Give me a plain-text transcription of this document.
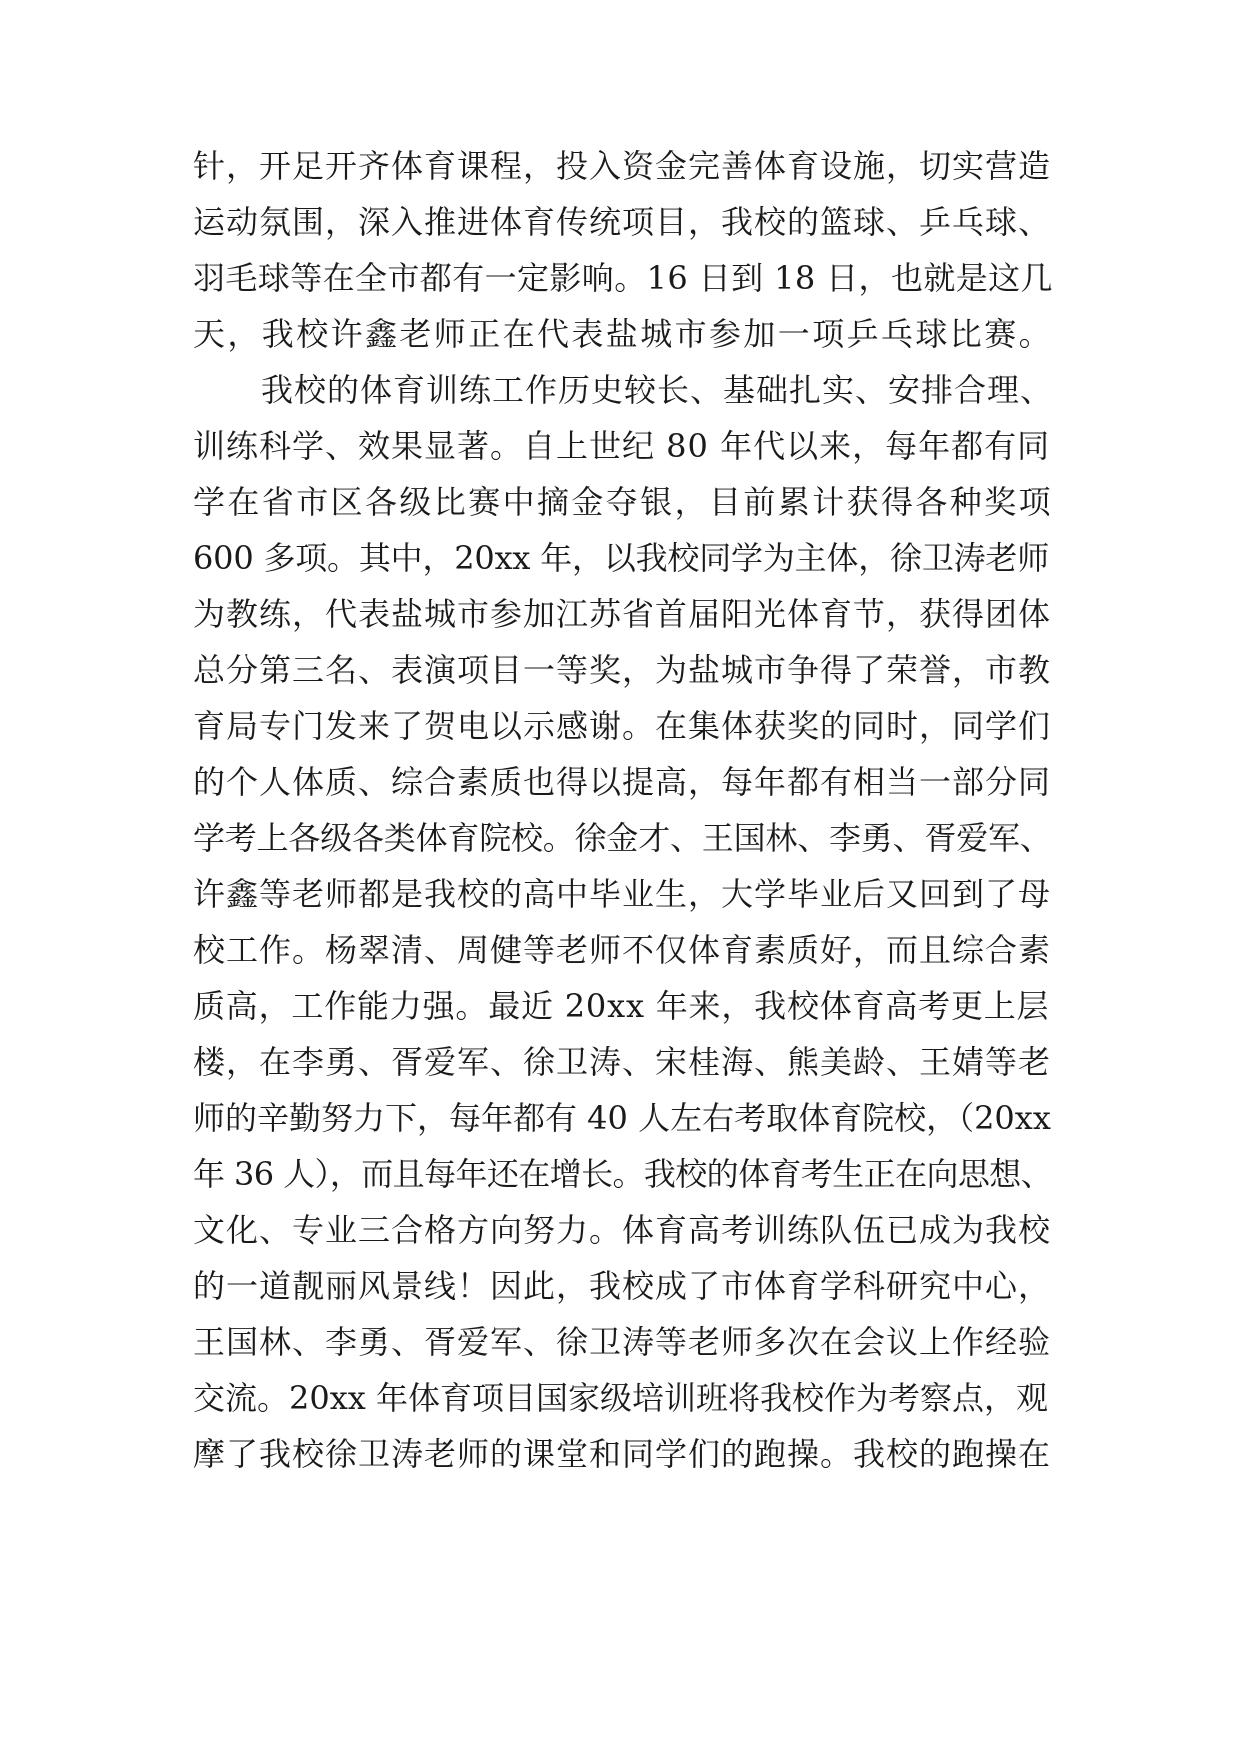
针，开足开齐体育课程，投入资金完善体育设施，切实营造
运动氛围，深入推进体育传统项目，我校的篮球、乒乓球、
羽毛球等在全市都有一定影响。16 日到 18 日，也就是这几
天，我校许鑫老师正在代表盐城市参加一项乒乓球比赛。
我校的体育训练工作历史较长、基础扎实、安排合理、
训练科学、效果显著。自上世纪 80 年代以来，每年都有同
学在省市区各级比赛中摘金夺银，目前累计获得各种奖项
600 多项。其中，20xx 年，以我校同学为主体，徐卫涛老师
为教练，代表盐城市参加江苏省首届阳光体育节，获得团体
总分第三名、表演项目一等奖，为盐城市争得了荣誉，市教
育局专门发来了贺电以示感谢。在集体获奖的同时，同学们
的个人体质、综合素质也得以提高，每年都有相当一部分同
学考上各级各类体育院校。徐金才、王国林、李勇、胥爱军、
许鑫等老师都是我校的高中毕业生，大学毕业后又回到了母
校工作。杨翠清、周健等老师不仅体育素质好，而且综合素
质高，工作能力强。最近 20xx 年来，我校体育高考更上层
楼，在李勇、胥爱军、徐卫涛、宋桂海、熊美龄、王婧等老
师的辛勤努力下，每年都有 40 人左右考取体育院校，（20xx
年 36 人），而且每年还在增长。我校的体育考生正在向思想、
文化、专业三合格方向努力。体育高考训练队伍已成为我校
的一道靓丽风景线！因此，我校成了市体育学科研究中心，
王国林、李勇、胥爱军、徐卫涛等老师多次在会议上作经验
交流。20xx 年体育项目国家级培训班将我校作为考察点，观
摩了我校徐卫涛老师的课堂和同学们的跑操。我校的跑操在
